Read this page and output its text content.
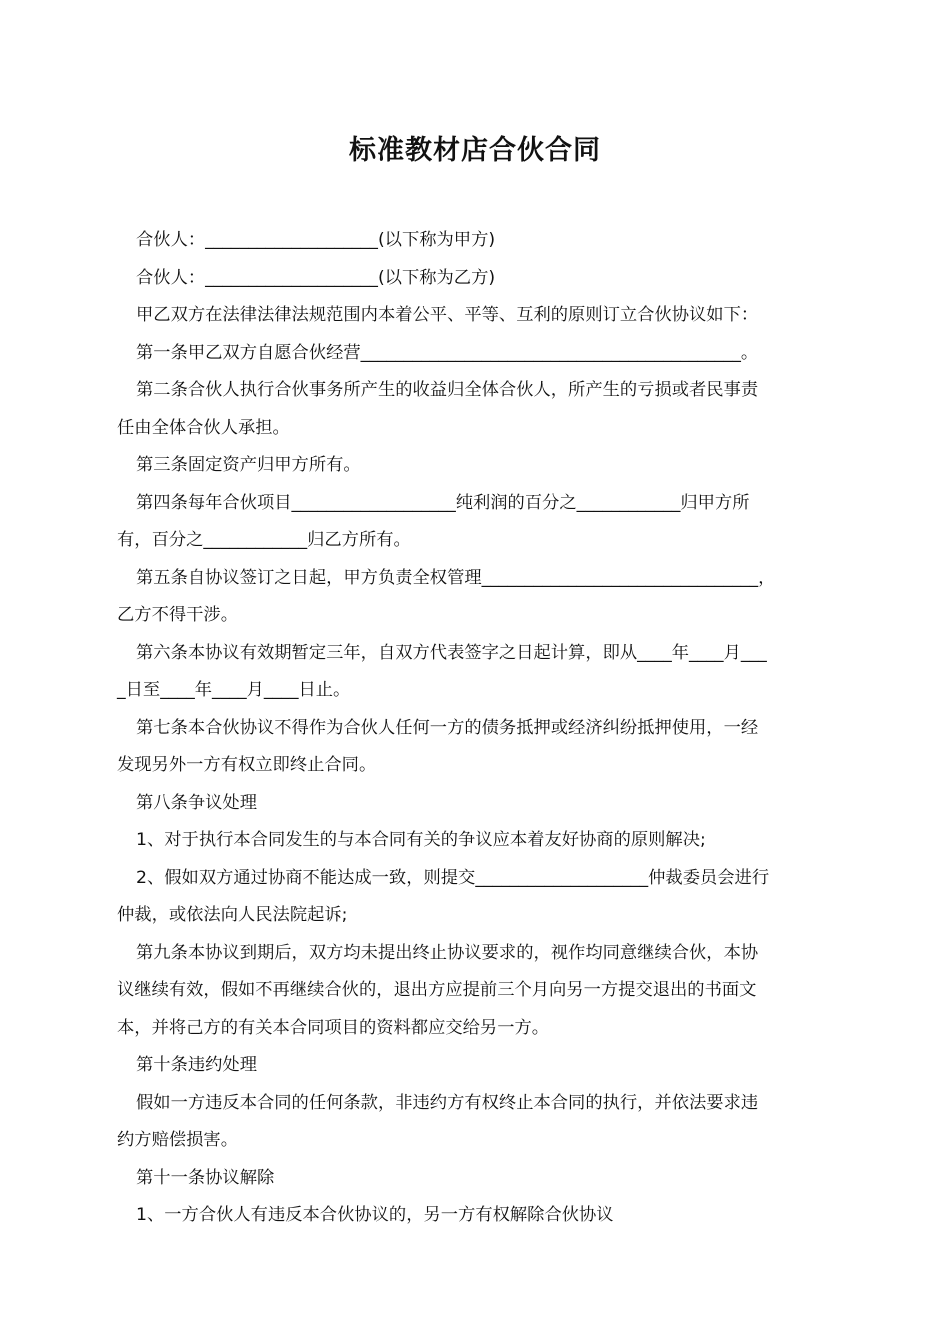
标准教材店合伙合同
合伙人：____________________(以下称为甲方)
合伙人：____________________(以下称为乙方)
甲乙双方在法律法律法规范围内本着公平、平等、互利的原则订立合伙协议如下：
第一条甲乙双方自愿合伙经营____________________________________________。
第二条合伙人执行合伙事务所产生的收益归全体合伙人，所产生的亏损或者民事责
任由全体合伙人承担。
第三条固定资产归甲方所有。
第四条每年合伙项目___________________纯利润的百分之____________归甲方所
有，百分之____________归乙方所有。
第五条自协议签订之日起，甲方负责全权管理________________________________，
乙方不得干涉。
第六条本协议有效期暂定三年，自双方代表签字之日起计算，即从____年____月___
_日至____年____月____日止。
第七条本合伙协议不得作为合伙人任何一方的债务抵押或经济纠纷抵押使用，一经
发现另外一方有权立即终止合同。
第八条争议处理
1、对于执行本合同发生的与本合同有关的争议应本着友好协商的原则解决;
2、假如双方通过协商不能达成一致，则提交____________________仲裁委员会进行
仲裁，或依法向人民法院起诉;
第九条本协议到期后，双方均未提出终止协议要求的，视作均同意继续合伙，本协
议继续有效，假如不再继续合伙的，退出方应提前三个月向另一方提交退出的书面文
本，并将己方的有关本合同项目的资料都应交给另一方。
第十条违约处理
假如一方违反本合同的任何条款，非违约方有权终止本合同的执行，并依法要求违
约方赔偿损害。
第十一条协议解除
1、一方合伙人有违反本合伙协议的，另一方有权解除合伙协议
